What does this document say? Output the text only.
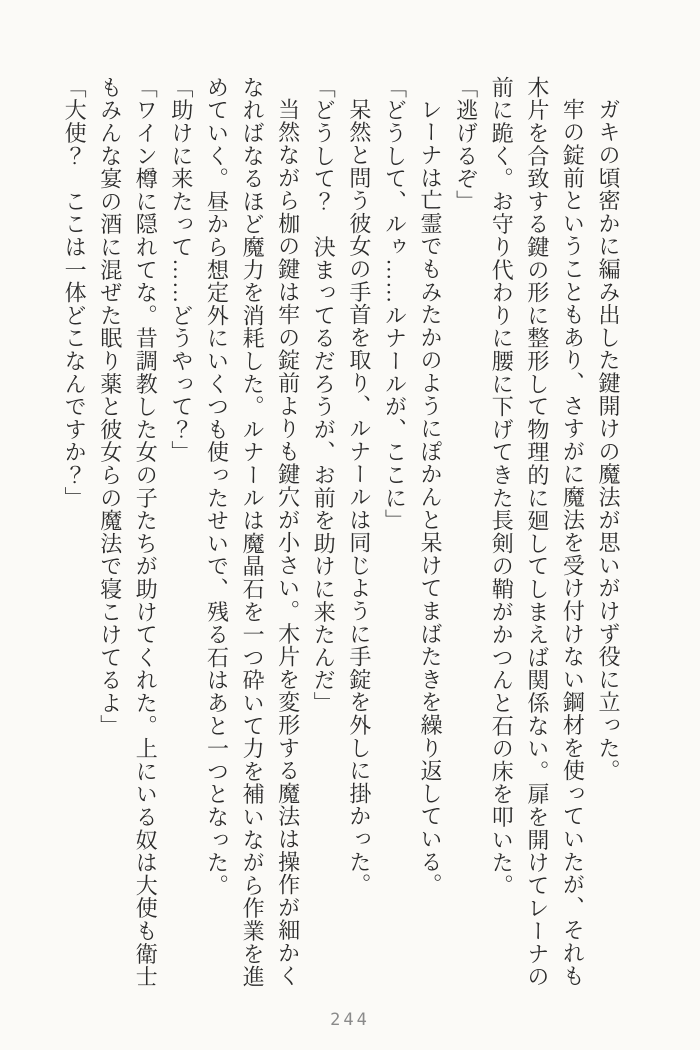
ガキの頃密かに編み出した鍵開けの魔法が思いがけず役に立った。

牢の錠前ということもあり、さすがに魔法を受け付けない鋼材を使っていたが、それも木片を合致する鍵の形に整形して物理的に廻してしまえば関係ない。扉を開けてレーナの前に跪く。お守り代わりに腰に下げてきた長剣の鞘がかつんと石の床を叩いた。

「逃げるぞ」

レーナは亡霊でもみたかのようにぽかんと呆けてまばたきを繰り返している。

「どうして、ルゥ……ルナールが、ここに」

呆然と問う彼女の手首を取り、ルナールは同じように手錠を外しに掛かった。

「どうして？　決まってるだろうが、お前を助けに来たんだ」

当然ながら枷の鍵は牢の錠前よりも鍵穴が小さい。木片を変形する魔法は操作が細かくなればなるほど魔力を消耗した。ルナールは魔晶石を一つ砕いて力を補いながら作業を進めていく。昼から想定外にいくつも使ったせいで、残る石はあと一つとなった。

「助けに来たって……どうやって？」

「ワイン樽に隠れてな。昔調教した女の子たちが助けてくれた。上にいる奴は大使も衛士もみんな宴の酒に混ぜた眠り薬と彼女らの魔法で寝こけてるよ」

「大使？　ここは一体どこなんですか？」

244
